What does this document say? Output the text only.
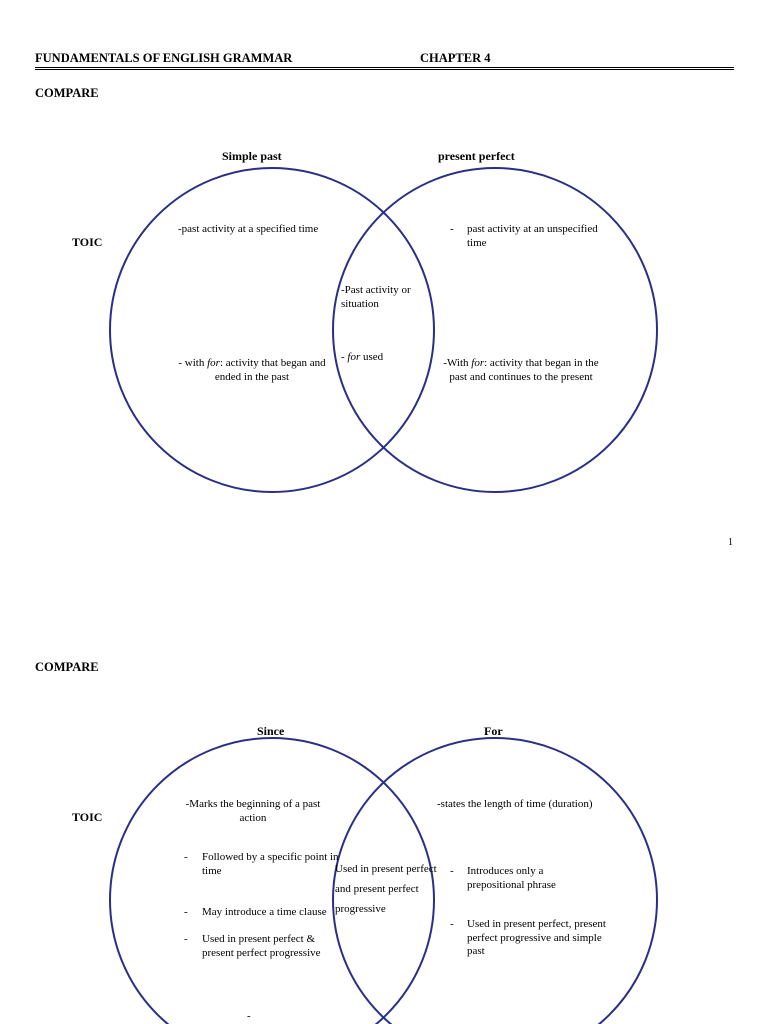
FUNDAMENTALS OF ENGLISH GRAMMAR	CHAPTER 4
COMPARE
Simple past	present perfect
TOIC
-past activity at a specified time
- with for: activity that began and
ended in the past
-Past activity or situation
- for used
- past activity at an unspecified time
-With for: activity that began in the
past and continues to the present
1
COMPARE
Since	For
TOIC
-Marks the beginning of a past action
- Followed by a specific point in time
- May introduce a time clause
- Used in present perfect & present perfect progressive
Used in present perfect
and present perfect
progressive
-states the length of time (duration)
- Introduces only a prepositional phrase
- Used in present perfect, present perfect progressive and simple past
-
